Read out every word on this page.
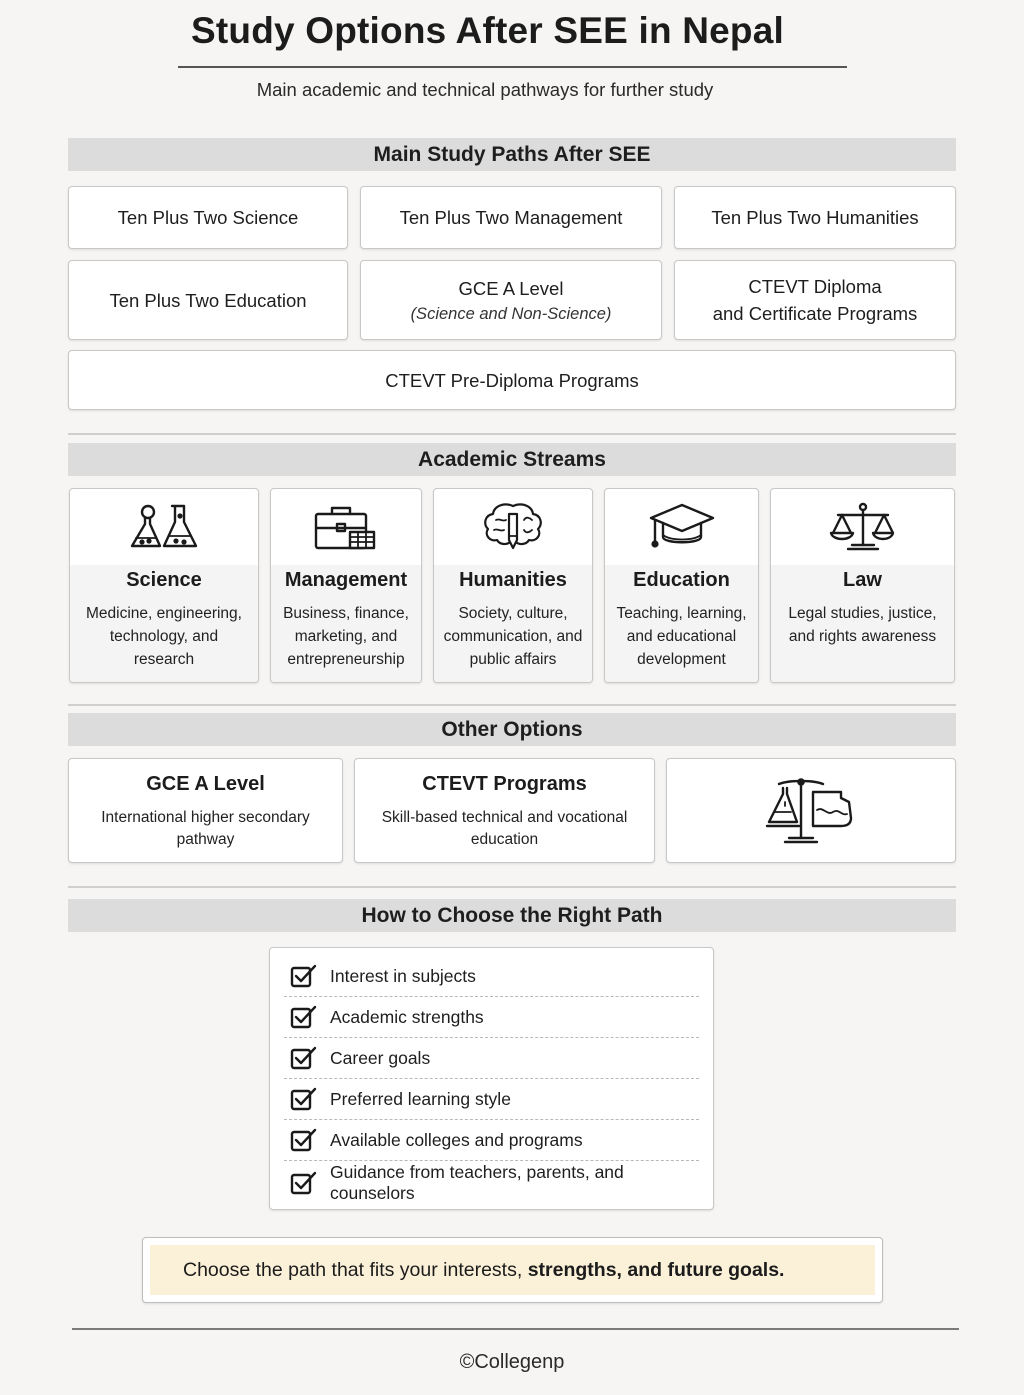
Study Options After SEE in Nepal
Main academic and technical pathways for further study
Main Study Paths After SEE
Ten Plus Two Science	Ten Plus Two Management	Ten Plus Two Humanities
Ten Plus Two Education
GCE A Level
(Science and Non-Science)
CTEVT Diploma
and Certificate Programs
CTEVT Pre-Diploma Programs
Academic Streams
Science
Medicine, engineering,
technology, and research
Management
Business, finance,
marketing, and
entrepreneurship
Humanities
Society, culture,
communication, and
public affairs
Education
Teaching, learning,
and educational
development
Law
Legal studies, justice,
and rights awareness
Other Options
GCE A Level
International higher secondary
pathway
CTEVT Programs
Skill-based technical and vocational
education
How to Choose the Right Path
Interest in subjects
Academic strengths
Career goals
Preferred learning style
Available colleges and programs
Guidance from teachers, parents, and counselors
Choose the path that fits your interests, strengths,
and future goals.
©Collegenp
